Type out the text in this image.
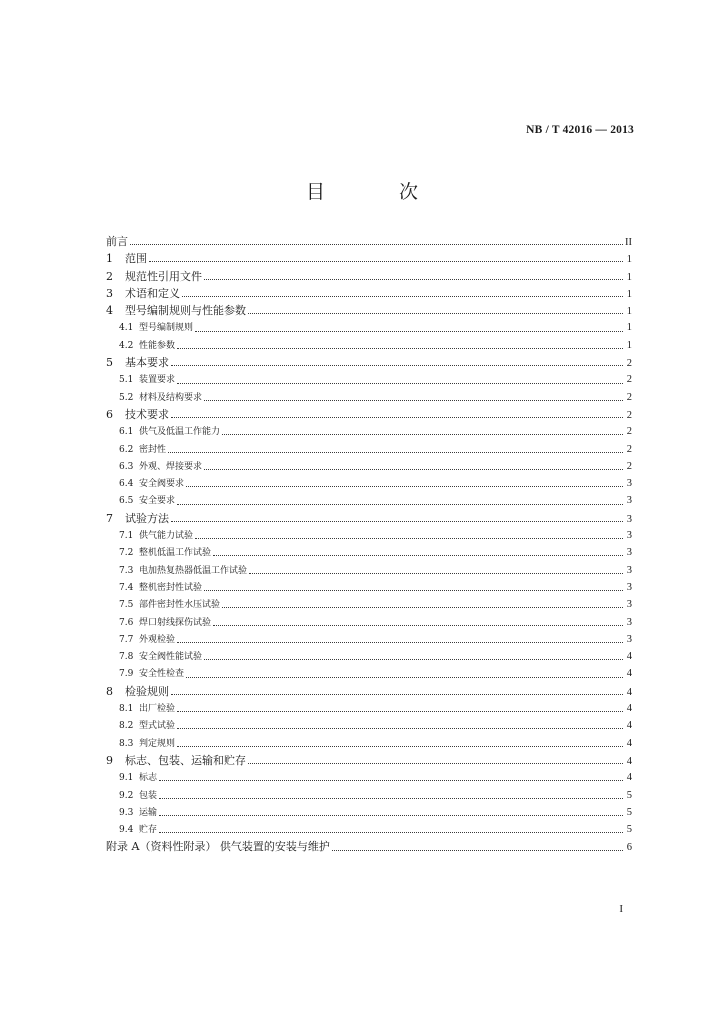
NB / T 42016 — 2013
目 次
前言	II
1	范围	1
2	规范性引用文件	1
3	术语和定义	1
4	型号编制规则与性能参数	1
4.1 型号编制规则	1
4.2 性能参数	1
5	基本要求	2
5.1 装置要求	2
5.2 材料及结构要求	2
6	技术要求	2
6.1 供气及低温工作能力	2
6.2 密封性	2
6.3 外观、焊接要求	2
6.4 安全阀要求	3
6.5 安全要求	3
7	试验方法	3
7.1 供气能力试验	3
7.2 整机低温工作试验	3
7.3 电加热复热器低温工作试验	3
7.4 整机密封性试验	3
7.5 部件密封性水压试验	3
7.6 焊口射线探伤试验	3
7.7 外观检验	3
7.8 安全阀性能试验	4
7.9 安全性检查	4
8	检验规则	4
8.1 出厂检验	4
8.2 型式试验	4
8.3 判定规则	4
9	标志、包装、运输和贮存	4
9.1 标志	4
9.2 包装	5
9.3 运输	5
9.4 贮存	5
附录 A（资料性附录） 供气装置的安装与维护	6
I
